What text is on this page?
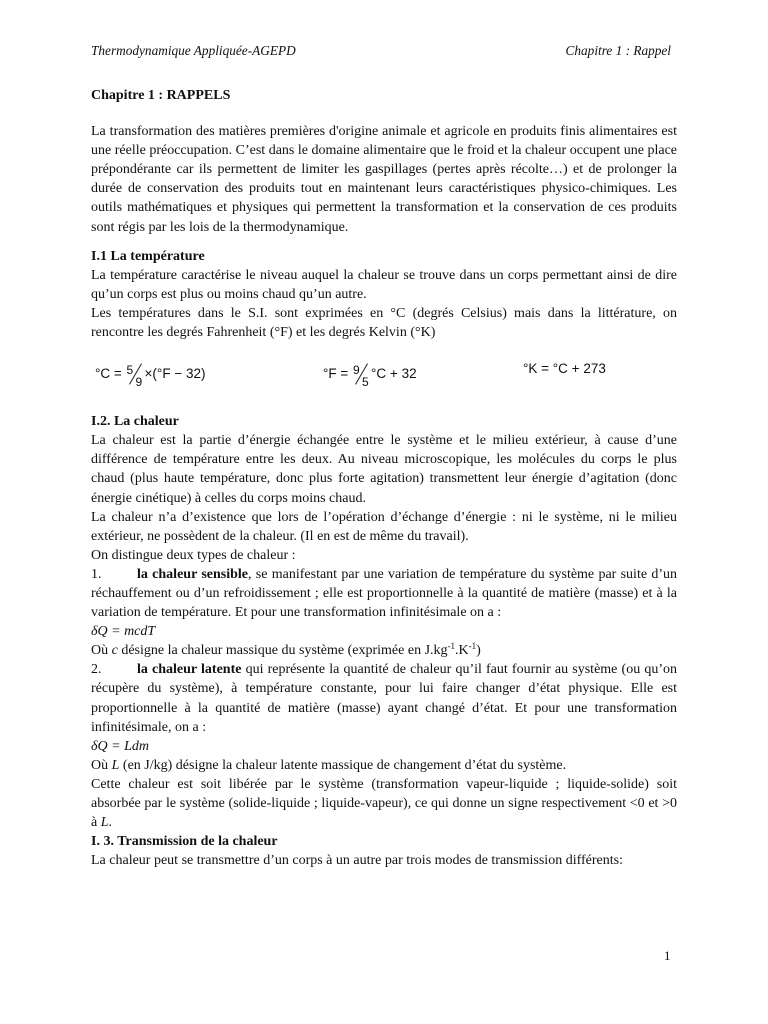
Thermodynamique Appliquée-AGEPD	Chapitre 1 : Rappel

Chapitre 1 : RAPPELS

La transformation des matières premières d'origine animale et agricole en produits finis alimentaires est une réelle préoccupation. C’est dans le domaine alimentaire que le froid et la chaleur occupent une place prépondérante car ils permettent de limiter les gaspillages (pertes après récolte…) et de prolonger la durée de conservation des produits tout en maintenant leurs caractéristiques physico-chimiques. Les outils mathématiques et physiques qui permettent la transformation et la conservation de ces produits sont régis par les lois de la thermodynamique.

I.1 La température

La température caractérise le niveau auquel la chaleur se trouve dans un corps permettant ainsi de dire qu’un corps est plus ou moins chaud qu’un autre.

Les températures dans le S.I. sont exprimées en °C (degrés Celsius) mais dans la littérature, on rencontre les degrés Fahrenheit (°F) et les degrés Kelvin (°K)

°C = 5
9
×(°F − 32)	°F = 9
5
°C + 32	°K = °C + 273

I.2. La chaleur

La chaleur est la partie d’énergie échangée entre le système et le milieu extérieur, à cause d’une différence de température entre les deux. Au niveau microscopique, les molécules du corps le plus chaud (plus haute température, donc plus forte agitation) transmettent leur énergie d’agitation (donc énergie cinétique) à celles du corps moins chaud.

La chaleur n’a d’existence que lors de l’opération d’échange d’énergie : ni le système, ni le milieu extérieur, ne possèdent de la chaleur. (Il en est de même du travail).

On distingue deux types de chaleur :

1.	la chaleur sensible, se manifestant par une variation de température du système par suite d’un réchauffement ou d’un refroidissement ; elle est proportionnelle à la quantité de matière (masse) et à la variation de température. Et pour une transformation infinitésimale on a :

δQ = mcdT

Où c désigne la chaleur massique du système (exprimée en $J.kg^{-1}.K^{-1}$)

2.	la chaleur latente qui représente la quantité de chaleur qu’il faut fournir au système (ou qu’on récupère du système), à température constante, pour lui faire changer d’état physique. Elle est proportionnelle à la quantité de matière (masse) ayant changé d’état. Et pour une transformation infinitésimale, on a :

δQ = Ldm

Où L (en J/kg) désigne la chaleur latente massique de changement d’état du système.

Cette chaleur est soit libérée par le système (transformation vapeur-liquide ; liquide-solide) soit absorbée par le système (solide-liquide ; liquide-vapeur), ce qui donne un signe respectivement <0 et >0 à L.

I. 3. Transmission de la chaleur

La chaleur peut se transmettre d’un corps à un autre par trois modes de transmission différents:

1
